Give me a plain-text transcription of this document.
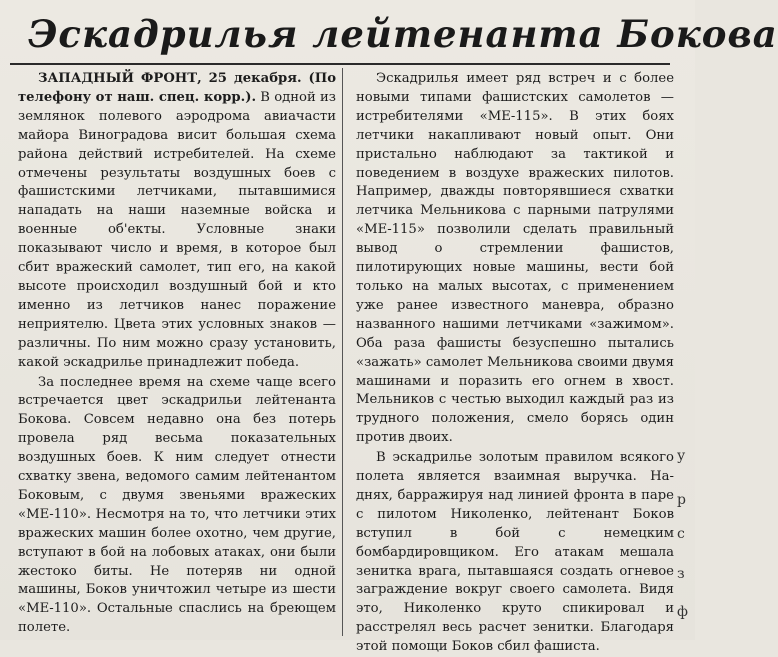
Эскадрилья лейтенанта Бокова

ЗАПАДНЫЙ ФРОНТ, 25 декабря. (По телефону от наш. спец. корр.). В одной из землянок полевого аэродрома авиачасти майора Виноградова висит большая схема района действий истребителей. На схеме отмечены результаты воздушных боев с фашистскими летчиками, пытавшимися нападать на наши наземные войска и военные об'екты. Условные знаки показывают число и время, в которое был сбит вражеский самолет, тип его, на какой высоте происходил воздушный бой и кто именно из летчиков нанес поражение неприятелю. Цвета этих условных знаков — различны. По ним можно сразу установить, какой эскадрилье принадлежит победа.

За последнее время на схеме чаще всего встречается цвет эскадрильи лейтенанта Бокова. Совсем недавно она без потерь провела ряд весьма показательных воздушных боев. К ним следует отнести схватку звена, ведомого самим лейтенантом Боковым, с двумя звеньями вражеских «МЕ-110». Несмотря на то, что летчики этих вражеских машин более охотно, чем другие, вступают в бой на лобовых атаках, они были жестоко биты. Не потеряв ни одной машины, Боков уничтожил четыре из шести «МЕ-110». Остальные спаслись на бреющем полете.

Эскадрилья имеет ряд встреч и с более новыми типами фашистских самолетов — истребителями «МЕ-115». В этих боях летчики накапливают новый опыт. Они пристально наблюдают за тактикой и поведением в воздухе вражеских пилотов. Например, дважды повторявшиеся схватки летчика Мельникова с парными патрулями «МЕ-115» позволили сделать правильный вывод о стремлении фашистов, пилотирующих новые машины, вести бой только на малых высотах, с применением уже ранее известного маневра, образно названного нашими летчиками «зажимом». Оба раза фашисты безуспешно пытались «зажать» самолет Мельникова своими двумя машинами и поразить его огнем в хвост. Мельников с честью выходил каждый раз из трудного положения, смело борясь один против двоих.

В эскадрилье золотым правилом всякого полета является взаимная выручка. На-днях, барражируя над линией фронта в паре с пилотом Николенко, лейтенант Боков вступил в бой с немецким бомбардировщиком. Его атакам мешала зенитка врага, пытавшаяся создать огневое заграждение вокруг своего самолета. Видя это, Николенко круто спикировал и расстрелял весь расчет зенитки. Благодаря этой помощи Боков сбил фашиста.

у
р
с
з
ф
